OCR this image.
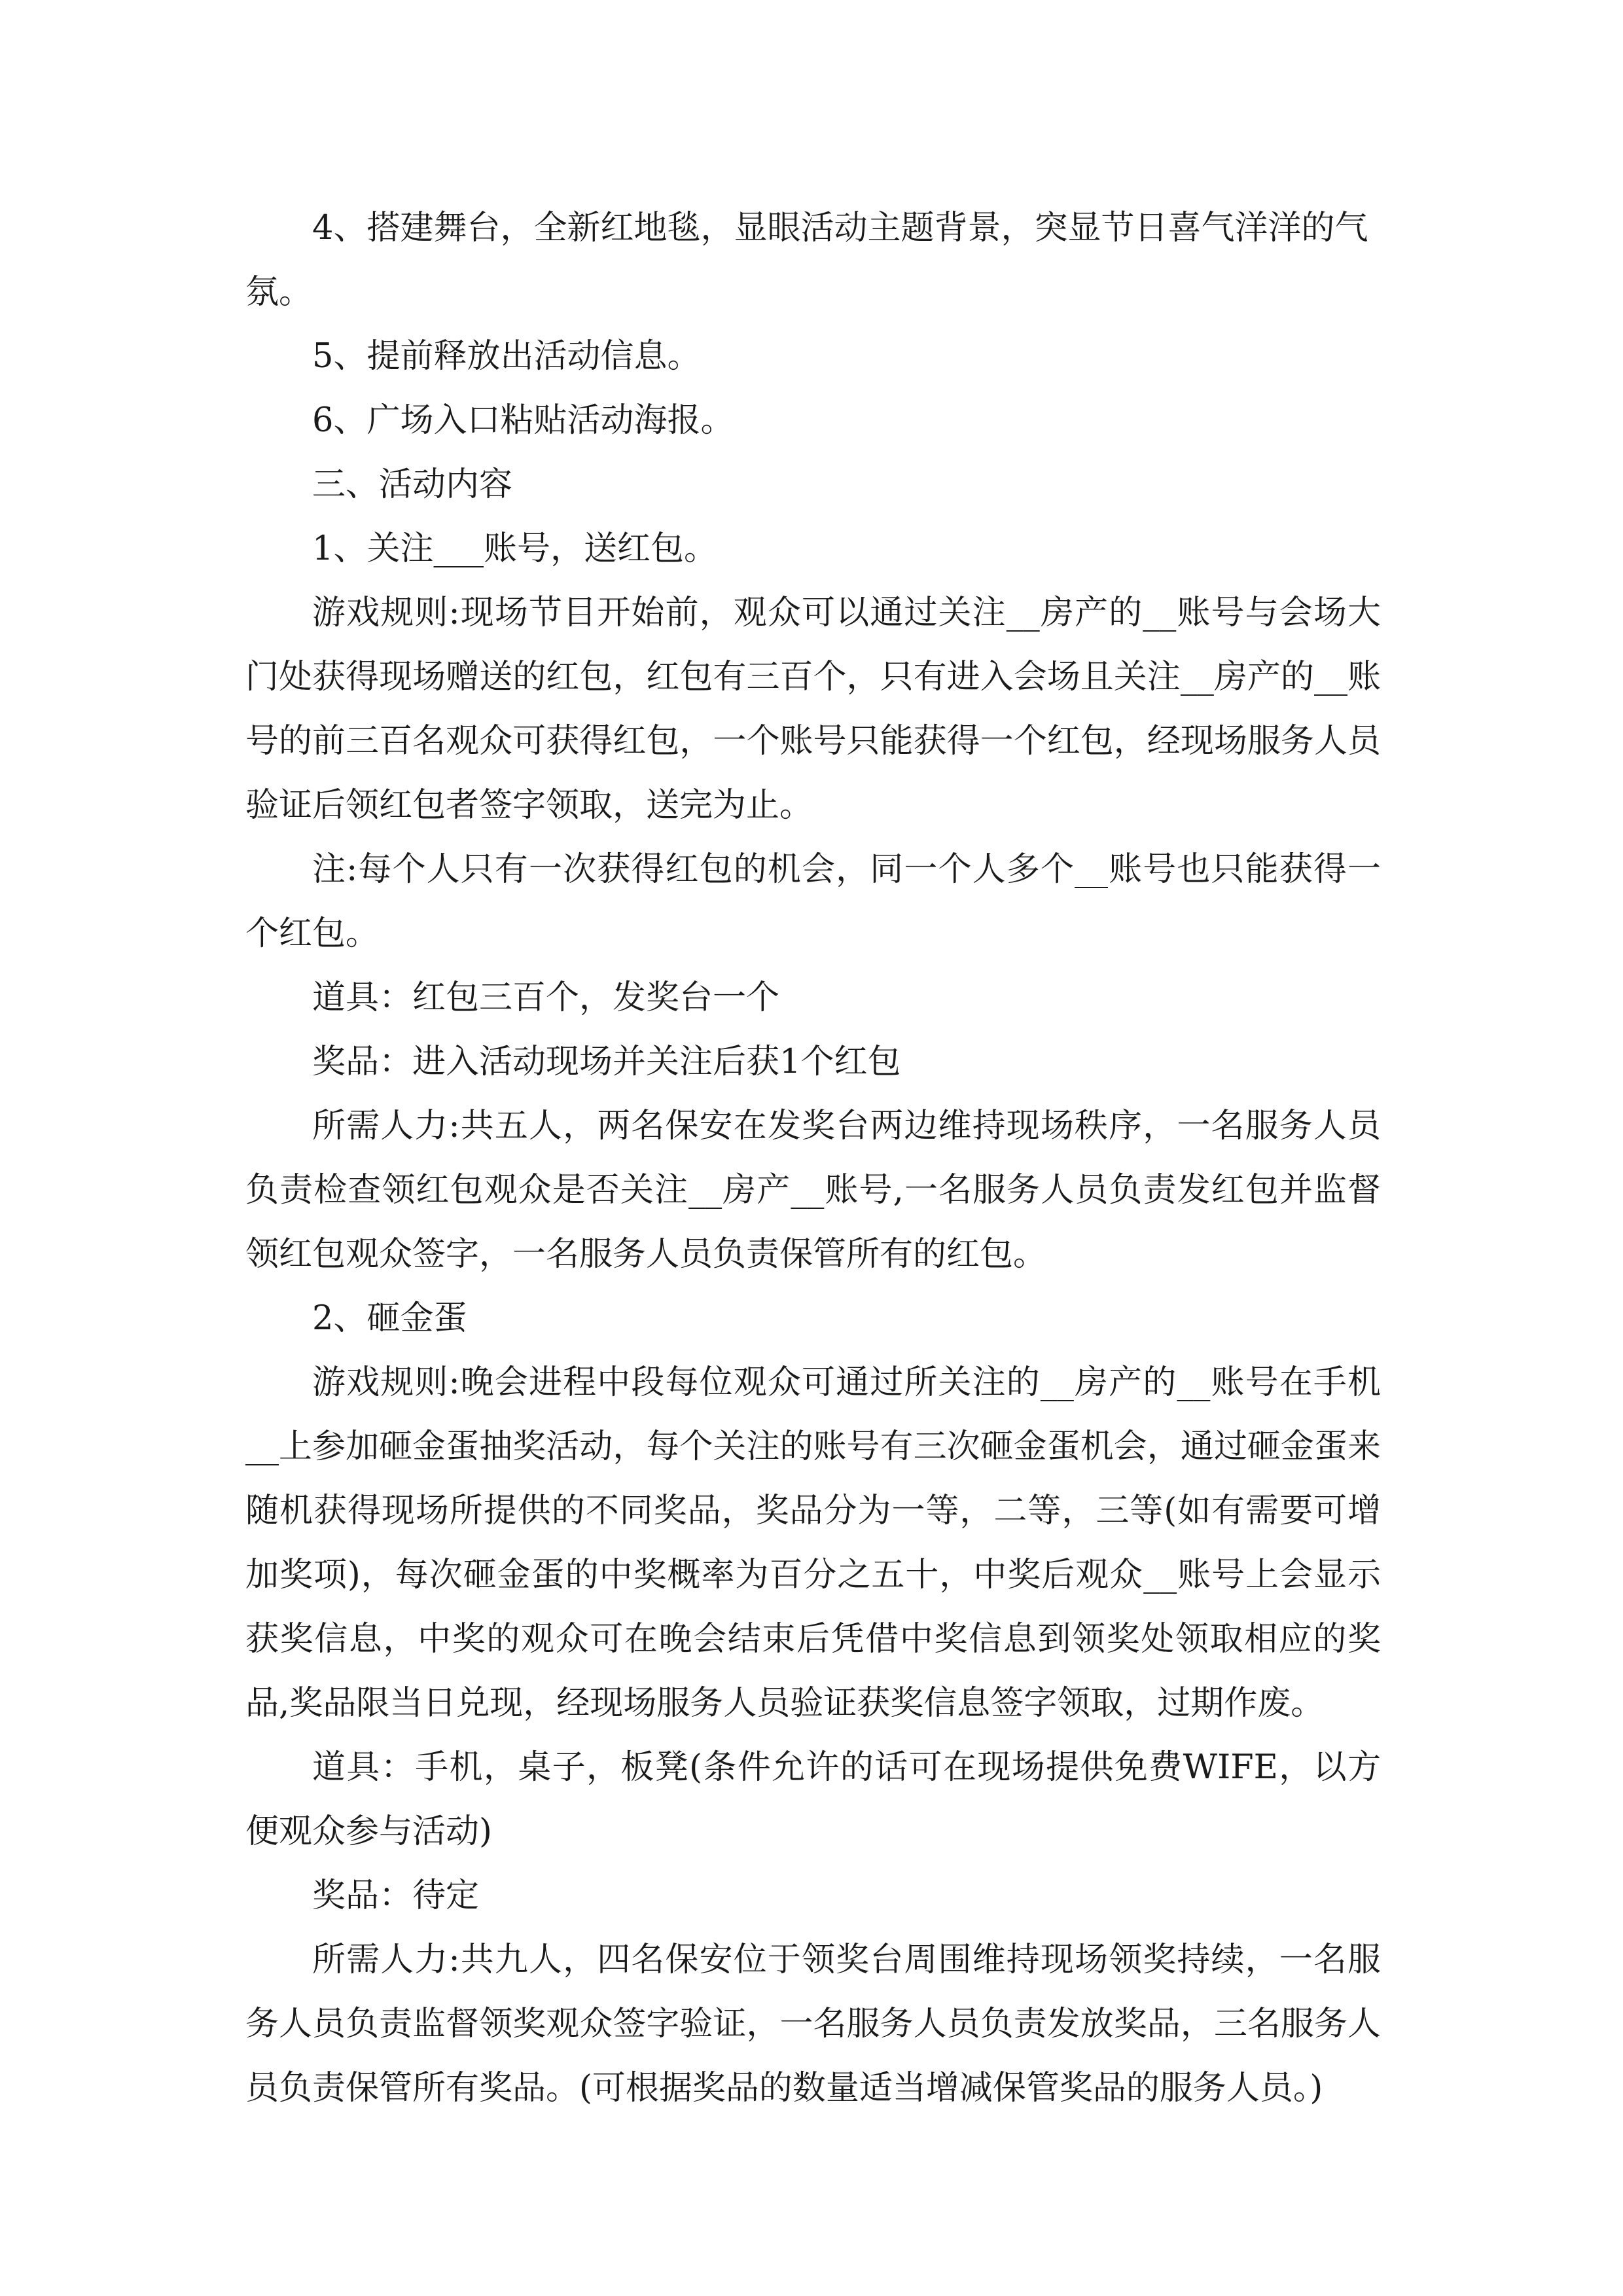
4、搭建舞台，全新红地毯，显眼活动主题背景，突显节日喜气洋洋的气氛。

5、提前释放出活动信息。

6、广场入口粘贴活动海报。

三、活动内容

1、关注___账号，送红包。

游戏规则:现场节目开始前，观众可以通过关注__房产的__账号与会场大门处获得现场赠送的红包，红包有三百个，只有进入会场且关注__房产的__账号的前三百名观众可获得红包，一个账号只能获得一个红包，经现场服务人员验证后领红包者签字领取，送完为止。

注:每个人只有一次获得红包的机会，同一个人多个__账号也只能获得一个红包。

道具：红包三百个，发奖台一个

奖品：进入活动现场并关注后获1个红包

所需人力:共五人，两名保安在发奖台两边维持现场秩序，一名服务人员负责检查领红包观众是否关注__房产__账号,一名服务人员负责发红包并监督领红包观众签字，一名服务人员负责保管所有的红包。

2、砸金蛋

游戏规则:晚会进程中段每位观众可通过所关注的__房产的__账号在手机__上参加砸金蛋抽奖活动，每个关注的账号有三次砸金蛋机会，通过砸金蛋来随机获得现场所提供的不同奖品，奖品分为一等，二等，三等(如有需要可增加奖项)，每次砸金蛋的中奖概率为百分之五十，中奖后观众__账号上会显示获奖信息，中奖的观众可在晚会结束后凭借中奖信息到领奖处领取相应的奖品,奖品限当日兑现，经现场服务人员验证获奖信息签字领取，过期作废。

道具：手机，桌子，板凳(条件允许的话可在现场提供免费WIFE，以方便观众参与活动)

奖品：待定

所需人力:共九人，四名保安位于领奖台周围维持现场领奖持续，一名服务人员负责监督领奖观众签字验证，一名服务人员负责发放奖品，三名服务人员负责保管所有奖品。(可根据奖品的数量适当增减保管奖品的服务人员。)
